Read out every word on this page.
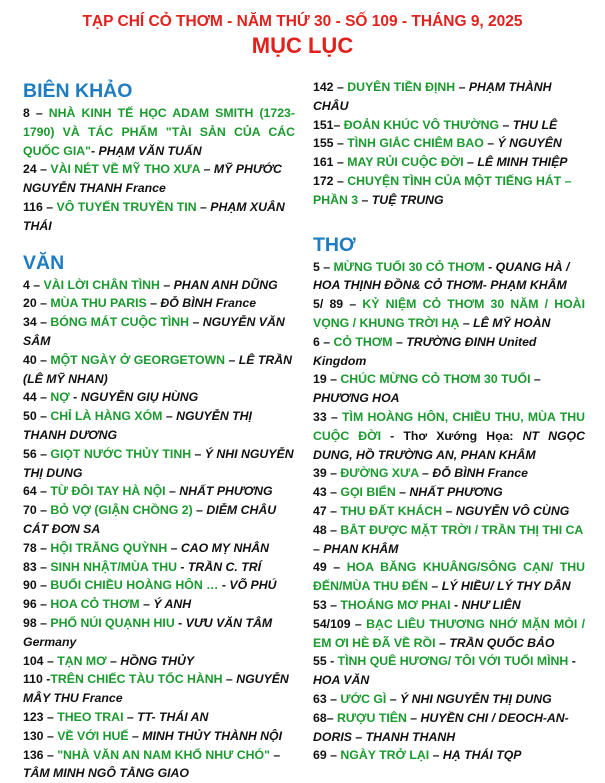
TẠP CHÍ CỎ THƠM - NĂM THỨ 30 - SỐ 109 - THÁNG 9, 2025
MỤC LỤC
BIÊN KHẢO

8 – NHÀ KINH TẾ HỌC ADAM SMITH (1723-1790) VÀ TÁC PHẨM "TÀI SẢN CỦA CÁC QUỐC GIA"- PHẠM VĂN TUẤN

24 – VÀI NÉT VỀ MỸ THO XƯA – MỸ PHƯỚC NGUYỄN THANH France

116 – VÔ TUYẾN TRUYỀN TIN – PHẠM XUÂN THÁI

VĂN

4 – VÀI LỜI CHÂN TÌNH – PHAN ANH DŨNG

20 – MÙA THU PARIS – ĐỖ BÌNH France

34 – BÓNG MÁT CUỘC TÌNH – NGUYỄN VĂN SÂM

40 – MỘT NGÀY Ở GEORGETOWN – LÊ TRẦN (LÊ MỸ NHAN)

44 – NỢ - NGUYỄN GIỤ HÙNG

50 – CHỈ LÀ HÀNG XÓM – NGUYỄN THỊ THANH DƯƠNG

56 – GIỌT NƯỚC THỦY TINH – Ý NHI NGUYỄN THỊ DUNG

64 – TỪ ĐÔI TAY HÀ NỘI – NHẤT PHƯƠNG

70 – BỎ VỢ (GIẬN CHỒNG 2) – DIỄM CHÂU CÁT ĐƠN SA

78 – HỘI TRĂNG QUỲNH – CAO MỴ NHÂN

83 – SINH NHẬT/MÙA THU - TRẦN C. TRÍ

90 – BUỔI CHIỀU HOÀNG HÔN … - VÕ PHÚ

96 – HOA CỎ THƠM – Ý ANH

98 – PHỐ NÚI QUẠNH HIU - VƯU VĂN TÂM Germany

104 – TẠN MƠ – HỒNG THỦY

110 -TRÊN CHIẾC TÀU TỐC HÀNH – NGUYỄN MÂY THU France

123 – THEO TRAI – TT- THÁI AN

130 – VỀ VỚI HUẾ – MINH THỦY THÀNH NỘI

136 – "NHÀ VĂN AN NAM KHỔ NHƯ CHÓ" – TÂM MINH NGÔ TẰNG GIAO

142 – DUYÊN TIỀN ĐỊNH – PHẠM THÀNH CHÂU

151– ĐOẢN KHÚC VÔ THƯỜNG – THU LÊ

155 – TÌNH GIẮC CHIÊM BAO – Ý NGUYÊN

161 – MAY RỦI CUỘC ĐỜI – LÊ MINH THIỆP

172 – CHUYỆN TÌNH CỦA MỘT TIẾNG HÁT – PHẦN 3 – TUỆ TRUNG

THƠ

5 – MỪNG TUỔI 30 CỎ THƠM - QUANG HÀ / HOA THỊNH ĐỒN& CỎ THƠM- PHẠM KHÂM

5/ 89 – KỶ NIỆM CỎ THƠM 30 NĂM / HOÀI VỌNG / KHUNG TRỜI HẠ – LÊ MỸ HOÀN

6 – CỎ THƠM – TRƯỜNG ĐINH United Kingdom

19 – CHÚC MỪNG CỎ THƠM 30 TUỔI – PHƯƠNG HOA

33 – TÌM HOÀNG HÔN, CHIỀU THU, MÙA THU CUỘC ĐỜI - Thơ Xướng Họa: NT NGỌC DUNG, HỒ TRƯỜNG AN, PHAN KHÂM

39 – ĐƯỜNG XƯA – ĐỖ BÌNH France

43 – GỌI BIỂN – NHẤT PHƯƠNG

47 – THU ĐẤT KHÁCH – NGUYỄN VÔ CÙNG

48 – BẮT ĐƯỢC MẶT TRỜI / TRẦN THỊ THI CA – PHAN KHÂM

49 – HOA BĂNG KHUÂNG/SÔNG CẠN/ THU ĐẾN/MÙA THU ĐẾN – LÝ HIỀU/ LÝ THY DÂN

53 – THOÁNG MƠ PHAI - NHƯ LIÊN

54/109 – BẠC LIÊU THƯƠNG NHỚ MẶN MÒI / EM ƠI HÈ ĐÃ VỀ RỒI – TRẦN QUỐC BẢO

55 - TÌNH QUÊ HƯƠNG/ TÔI VỚI TUỔI MÌNH - HOA VĂN

63 – ƯỚC GÌ – Ý NHI NGUYỄN THỊ DUNG

68– RƯỢU TIÊN – HUYỀN CHI / DEOCH-AN-DORIS – THANH THANH

69 – NGÀY TRỞ LẠI – HẠ THÁI TQP
